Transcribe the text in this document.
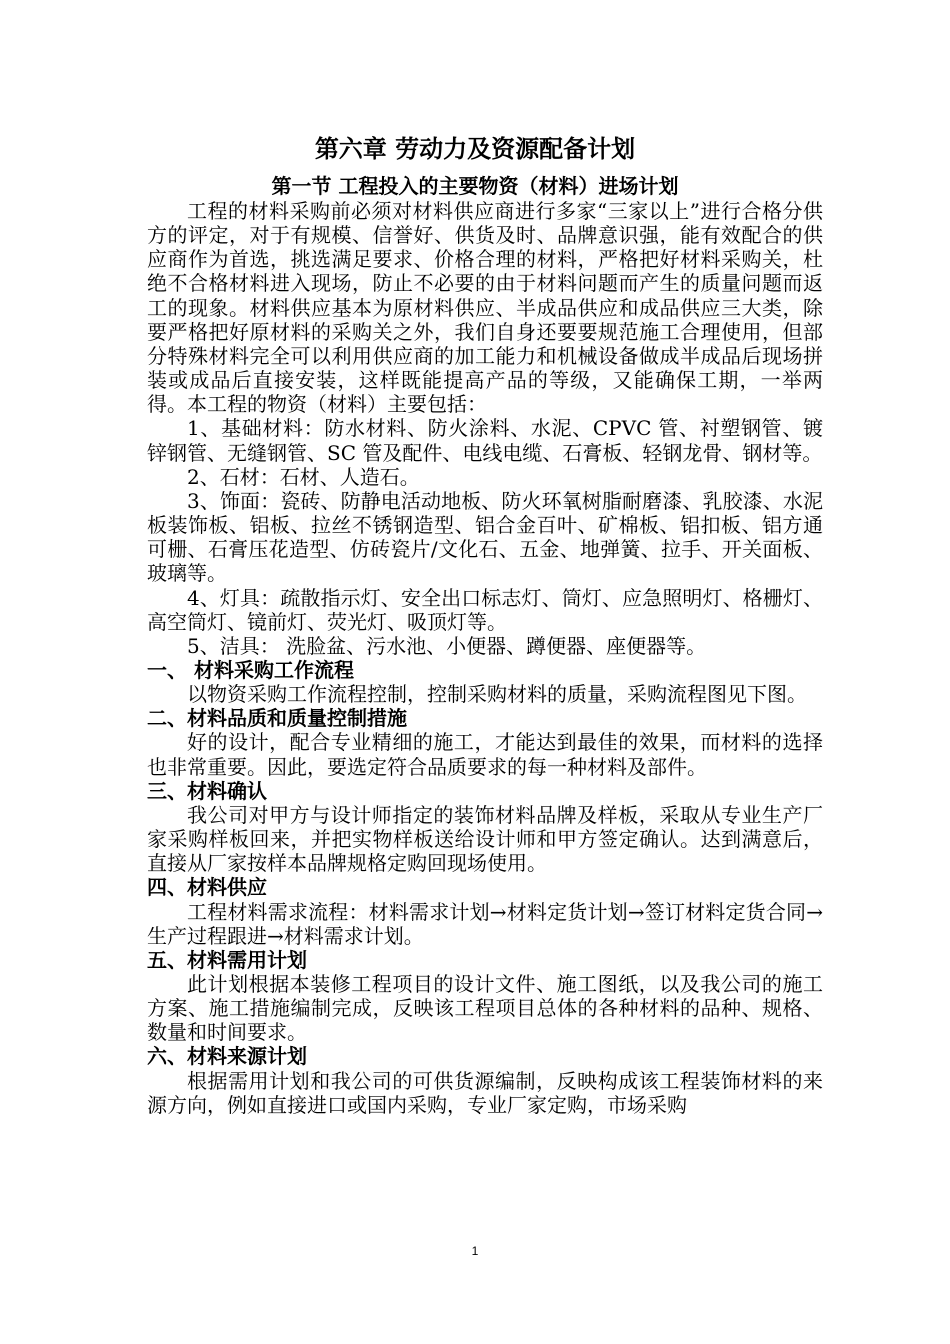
第六章 劳动力及资源配备计划
第一节 工程投入的主要物资（材料）进场计划

工程的材料采购前必须对材料供应商进行多家“三家以上”进行合格分供方的评定，对于有规模、信誉好、供货及时、品牌意识强，能有效配合的供应商作为首选，挑选满足要求、价格合理的材料，严格把好材料采购关，杜绝不合格材料进入现场，防止不必要的由于材料问题而产生的质量问题而返工的现象。材料供应基本为原材料供应、半成品供应和成品供应三大类，除要严格把好原材料的采购关之外，我们自身还要要规范施工合理使用，但部分特殊材料完全可以利用供应商的加工能力和机械设备做成半成品后现场拼装或成品后直接安装，这样既能提高产品的等级，又能确保工期，一举两得。本工程的物资（材料）主要包括：

1、基础材料：防水材料、防火涂料、水泥、CPVC 管、衬塑钢管、镀锌钢管、无缝钢管、SC 管及配件、电线电缆、石膏板、轻钢龙骨、钢材等。

2、石材：石材、人造石。

3、饰面：瓷砖、防静电活动地板、防火环氧树脂耐磨漆、乳胶漆、水泥板装饰板、铝板、拉丝不锈钢造型、铝合金百叶、矿棉板、铝扣板、铝方通可栅、石膏压花造型、仿砖瓷片/文化石、五金、地弹簧、拉手、开关面板、玻璃等。

4、灯具：疏散指示灯、安全出口标志灯、筒灯、应急照明灯、格栅灯、高空筒灯、镜前灯、荧光灯、吸顶灯等。

5、洁具： 洗脸盆、污水池、小便器、蹲便器、座便器等。

一、 材料采购工作流程

以物资采购工作流程控制，控制采购材料的质量，采购流程图见下图。

二、材料品质和质量控制措施

好的设计，配合专业精细的施工，才能达到最佳的效果，而材料的选择也非常重要。因此，要选定符合品质要求的每一种材料及部件。

三、材料确认

我公司对甲方与设计师指定的装饰材料品牌及样板，采取从专业生产厂家采购样板回来，并把实物样板送给设计师和甲方签定确认。达到满意后， 直接从厂家按样本品牌规格定购回现场使用。

四、材料供应

工程材料需求流程：材料需求计划→材料定货计划→签订材料定货合同→生产过程跟进→材料需求计划。

五、材料需用计划

此计划根据本装修工程项目的设计文件、施工图纸，以及我公司的施工方案、施工措施编制完成，反映该工程项目总体的各种材料的品种、规格、数量和时间要求。

六、材料来源计划

根据需用计划和我公司的可供货源编制，反映构成该工程装饰材料的来源方向，例如直接进口或国内采购，专业厂家定购，市场采购

1
